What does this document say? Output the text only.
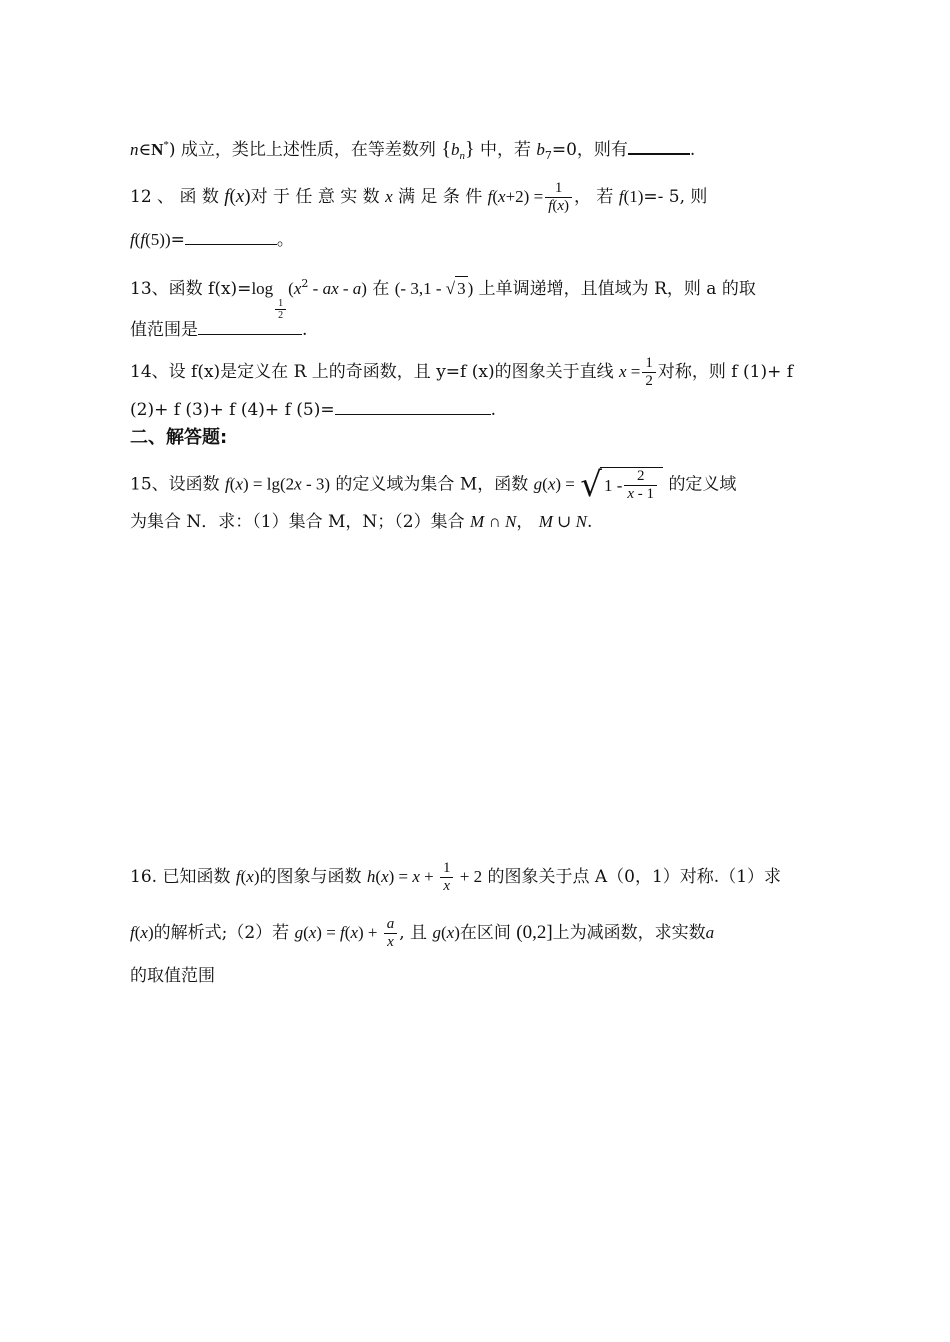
n∈N*) 成立，类比上述性质，在等差数列 $\{b_n\}$ 中，若 $b_7=0$，则有	.
12 、 函 数 f(x)对 于 任 意 实 数 x 满 足 条 件 $f(x+2) = \frac{1}{f(x)}$ ， 若 f(1)=- 5, 则
f(f(5))=	。
13、函数 f(x)=log
$\frac{1}{2}$
($x^2$ - ax - a) 在 (- 3,1 - √ 3 ) 上单调递增，且值域为 R，则 a 的取
值范围是	.
14、设 f(x)是定义在 R 上的奇函数，且 y=f (x)的图象关于直线 $x = \frac{1}{2}$ 对称，则 f (1)+ f
(2)+ f (3)+ f (4)+ f (5)=	.
二、解答题:
15、设函数 f(x) = lg(2x - 3) 的定义域为集合 M，函数 g(x) = √ $1 - \frac{2}{x - 1}$ 的定义域
为集合 N．求：（1）集合 M，N；（2）集合 M ∩ N， M ∪ N.
16. 已知函数 f(x)的图象与函数 $h(x) = x + \frac{1}{x} + 2$ 的图象关于点 A（0，1）对称.（1）求
f(x)的解析式;（2）若 $g(x) = f(x) + \frac{a}{x}$ , 且 g(x)在区间 (0,2]上为减函数，求实数a
的取值范围
